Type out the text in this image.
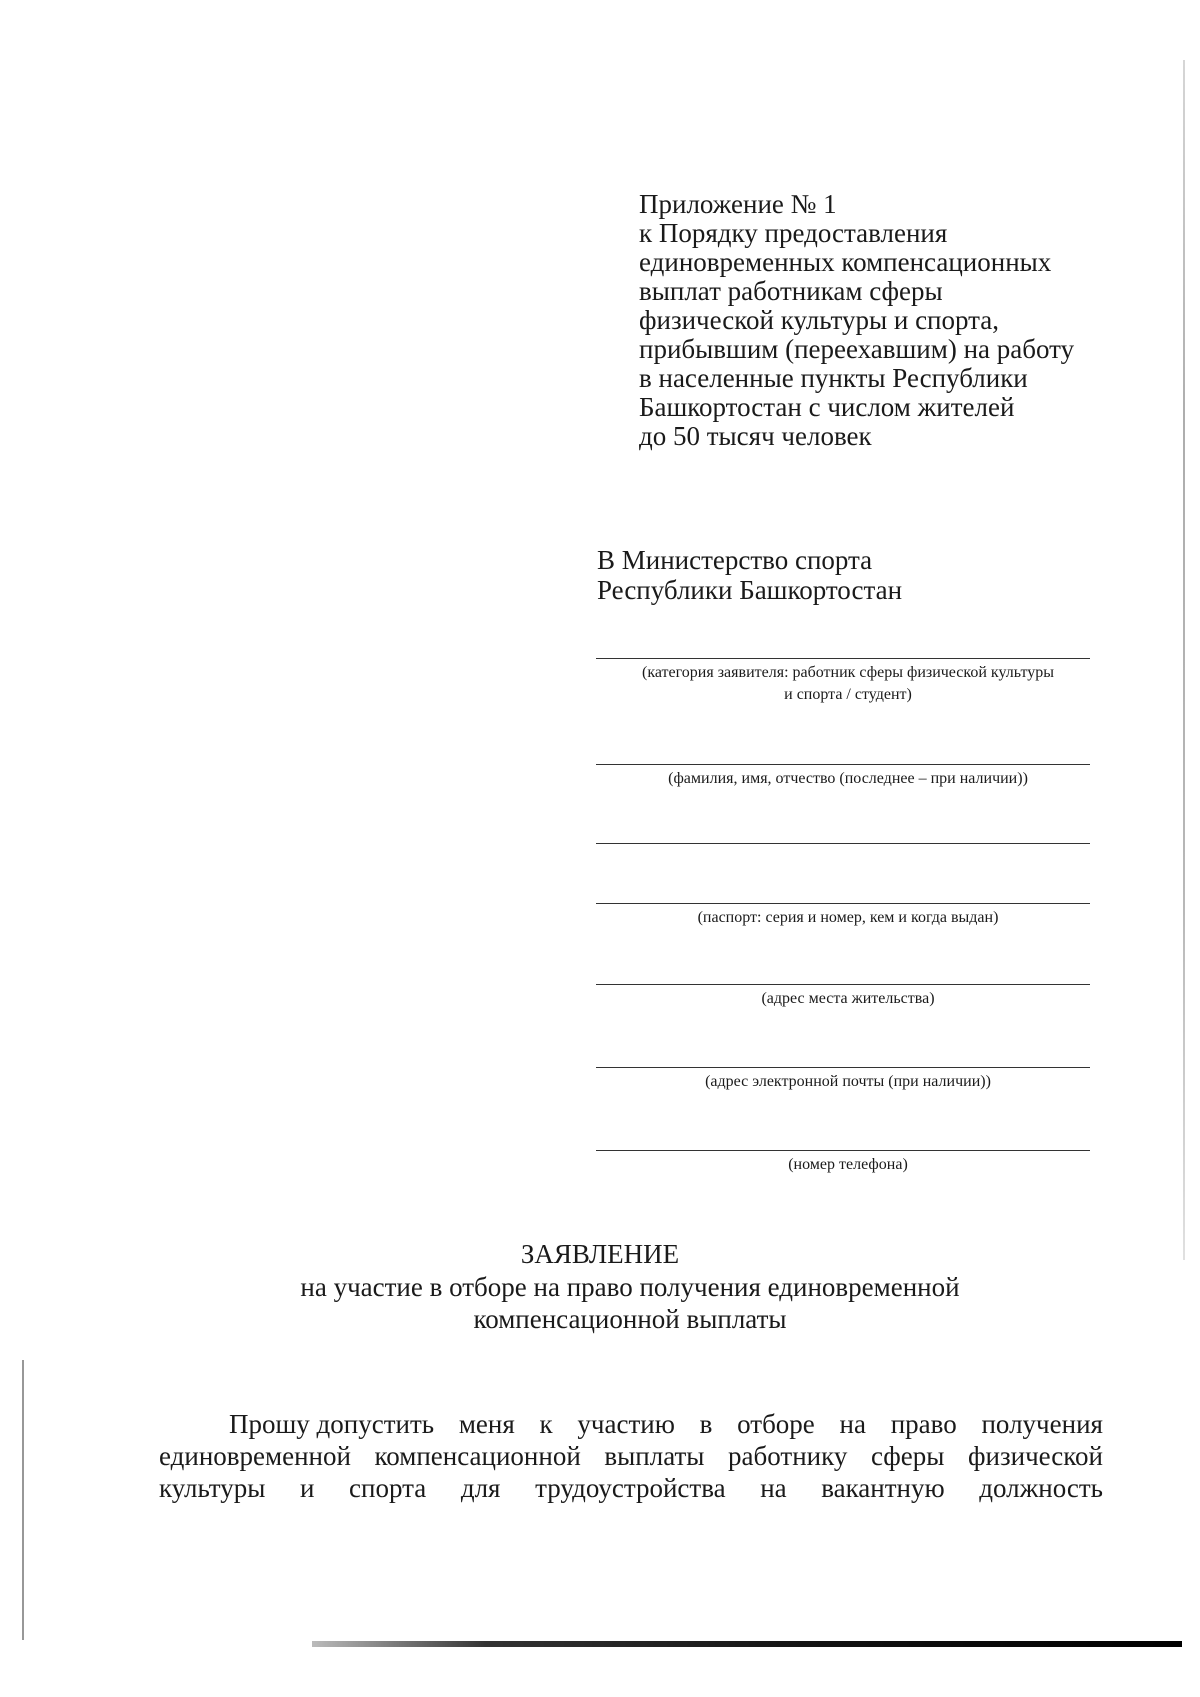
Приложение № 1
к Порядку предоставления
единовременных компенсационных
выплат работникам сферы
физической культуры и спорта,
прибывшим (переехавшим) на работу
в населенные пункты Республики
Башкортостан с числом жителей
до 50 тысяч человек
В Министерство спорта
Республики Башкортостан
(категория заявителя: работник сферы физической культуры
и спорта / студент)
(фамилия, имя, отчество (последнее – при наличии))
(паспорт: серия и номер, кем и когда выдан)
(адрес места жительства)
(адрес электронной почты (при наличии))
(номер телефона)
ЗАЯВЛЕНИЕ
на участие в отборе на право получения единовременной
компенсационной выплаты
Прошу допустить меня к участию в отборе на право получения
единовременной компенсационной выплаты работнику сферы физической
культуры и спорта для трудоустройства на вакантную должность
